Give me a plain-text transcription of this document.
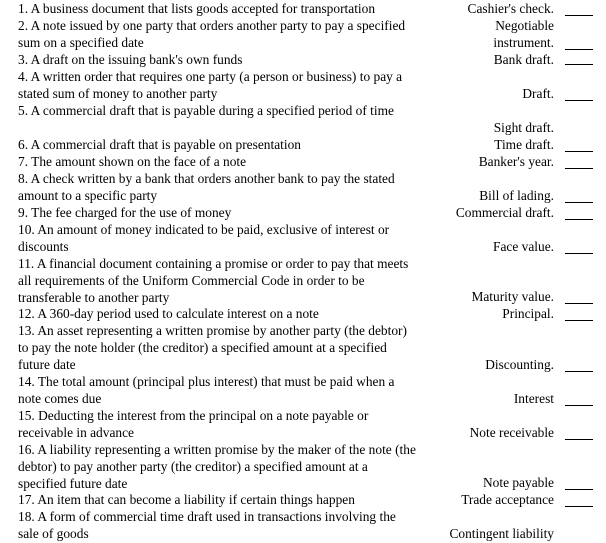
1. A business document that lists goods accepted for transportation

2. A note issued by one party that orders another party to pay a specified sum on a specified date

3. A draft on the issuing bank's own funds

4. A written order that requires one party (a person or business) to pay a stated sum of money to another party

5. A commercial draft that is payable during a specified period of time

6. A commercial draft that is payable on presentation

7. The amount shown on the face of a note

8. A check written by a bank that orders another bank to pay the stated amount to a specific party

9. The fee charged for the use of money

10. An amount of money indicated to be paid, exclusive of interest or discounts

11. A financial document containing a promise or order to pay that meets all requirements of the Uniform Commercial Code in order to be transferable to another party

12. A 360-day period used to calculate interest on a note

13. An asset representing a written promise by another party (the debtor) to pay the note holder (the creditor) a specified amount at a specified future date

14. The total amount (principal plus interest) that must be paid when a note comes due

15. Deducting the interest from the principal on a note payable or receivable in advance

16. A liability representing a written promise by the maker of the note (the debtor) to pay another party (the creditor) a specified amount at a specified future date

17. An item that can become a liability if certain things happen

18. A form of commercial time draft used in transactions involving the sale of goods

Cashier's check.
Negotiable
instrument.
Bank draft.
Draft.
Sight draft.
Time draft.
Banker's year.
Bill of lading.
Commercial draft.
Face value.
Maturity value.
Principal.
Discounting.
Interest
Note receivable
Note payable
Trade acceptance
Contingent liability
